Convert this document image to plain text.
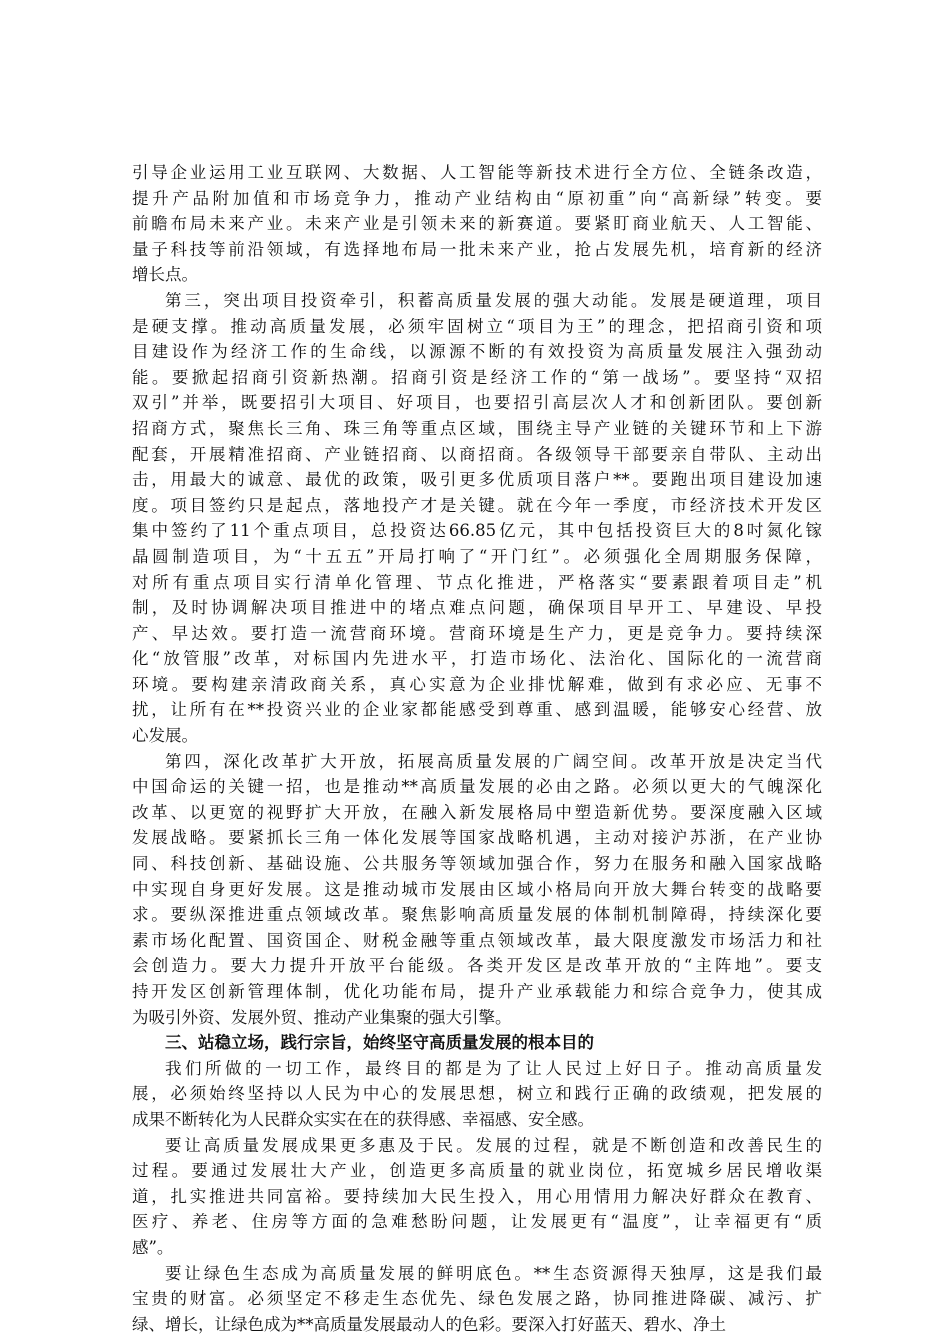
引导企业运用工业互联网、大数据、人工智能等新技术进行全方位、全链条改造，
提升产品附加值和市场竞争力，推动产业结构由“原初重”向“高新绿”转变。要
前瞻布局未来产业。未来产业是引领未来的新赛道。要紧盯商业航天、人工智能、
量子科技等前沿领域，有选择地布局一批未来产业，抢占发展先机，培育新的经济
增长点。
第三，突出项目投资牵引，积蓄高质量发展的强大动能。发展是硬道理，项目
是硬支撑。推动高质量发展，必须牢固树立“项目为王”的理念，把招商引资和项
目建设作为经济工作的生命线，以源源不断的有效投资为高质量发展注入强劲动
能。要掀起招商引资新热潮。招商引资是经济工作的“第一战场”。要坚持“双招
双引”并举，既要招引大项目、好项目，也要招引高层次人才和创新团队。要创新
招商方式，聚焦长三角、珠三角等重点区域，围绕主导产业链的关键环节和上下游
配套，开展精准招商、产业链招商、以商招商。各级领导干部要亲自带队、主动出
击，用最大的诚意、最优的政策，吸引更多优质项目落户**。要跑出项目建设加速
度。项目签约只是起点，落地投产才是关键。就在今年一季度，市经济技术开发区
集中签约了11个重点项目，总投资达66.85亿元，其中包括投资巨大的8吋氮化镓
晶圆制造项目，为“十五五”开局打响了“开门红”。必须强化全周期服务保障，
对所有重点项目实行清单化管理、节点化推进，严格落实“要素跟着项目走”机
制，及时协调解决项目推进中的堵点难点问题，确保项目早开工、早建设、早投
产、早达效。要打造一流营商环境。营商环境是生产力，更是竞争力。要持续深
化“放管服”改革，对标国内先进水平，打造市场化、法治化、国际化的一流营商
环境。要构建亲清政商关系，真心实意为企业排忧解难，做到有求必应、无事不
扰，让所有在**投资兴业的企业家都能感受到尊重、感到温暖，能够安心经营、放
心发展。
第四，深化改革扩大开放，拓展高质量发展的广阔空间。改革开放是决定当代
中国命运的关键一招，也是推动**高质量发展的必由之路。必须以更大的气魄深化
改革、以更宽的视野扩大开放，在融入新发展格局中塑造新优势。要深度融入区域
发展战略。要紧抓长三角一体化发展等国家战略机遇，主动对接沪苏浙，在产业协
同、科技创新、基础设施、公共服务等领域加强合作，努力在服务和融入国家战略
中实现自身更好发展。这是推动城市发展由区域小格局向开放大舞台转变的战略要
求。要纵深推进重点领域改革。聚焦影响高质量发展的体制机制障碍，持续深化要
素市场化配置、国资国企、财税金融等重点领域改革，最大限度激发市场活力和社
会创造力。要大力提升开放平台能级。各类开发区是改革开放的“主阵地”。要支
持开发区创新管理体制，优化功能布局，提升产业承载能力和综合竞争力，使其成
为吸引外资、发展外贸、推动产业集聚的强大引擎。
三、站稳立场，践行宗旨，始终坚守高质量发展的根本目的
我们所做的一切工作，最终目的都是为了让人民过上好日子。推动高质量发
展，必须始终坚持以人民为中心的发展思想，树立和践行正确的政绩观，把发展的
成果不断转化为人民群众实实在在的获得感、幸福感、安全感。
要让高质量发展成果更多惠及于民。发展的过程，就是不断创造和改善民生的
过程。要通过发展壮大产业，创造更多高质量的就业岗位，拓宽城乡居民增收渠
道，扎实推进共同富裕。要持续加大民生投入，用心用情用力解决好群众在教育、
医疗、养老、住房等方面的急难愁盼问题，让发展更有“温度”，让幸福更有“质
感”。
要让绿色生态成为高质量发展的鲜明底色。**生态资源得天独厚，这是我们最
宝贵的财富。必须坚定不移走生态优先、绿色发展之路，协同推进降碳、减污、扩
绿、增长，让绿色成为**高质量发展最动人的色彩。要深入打好蓝天、碧水、净土
